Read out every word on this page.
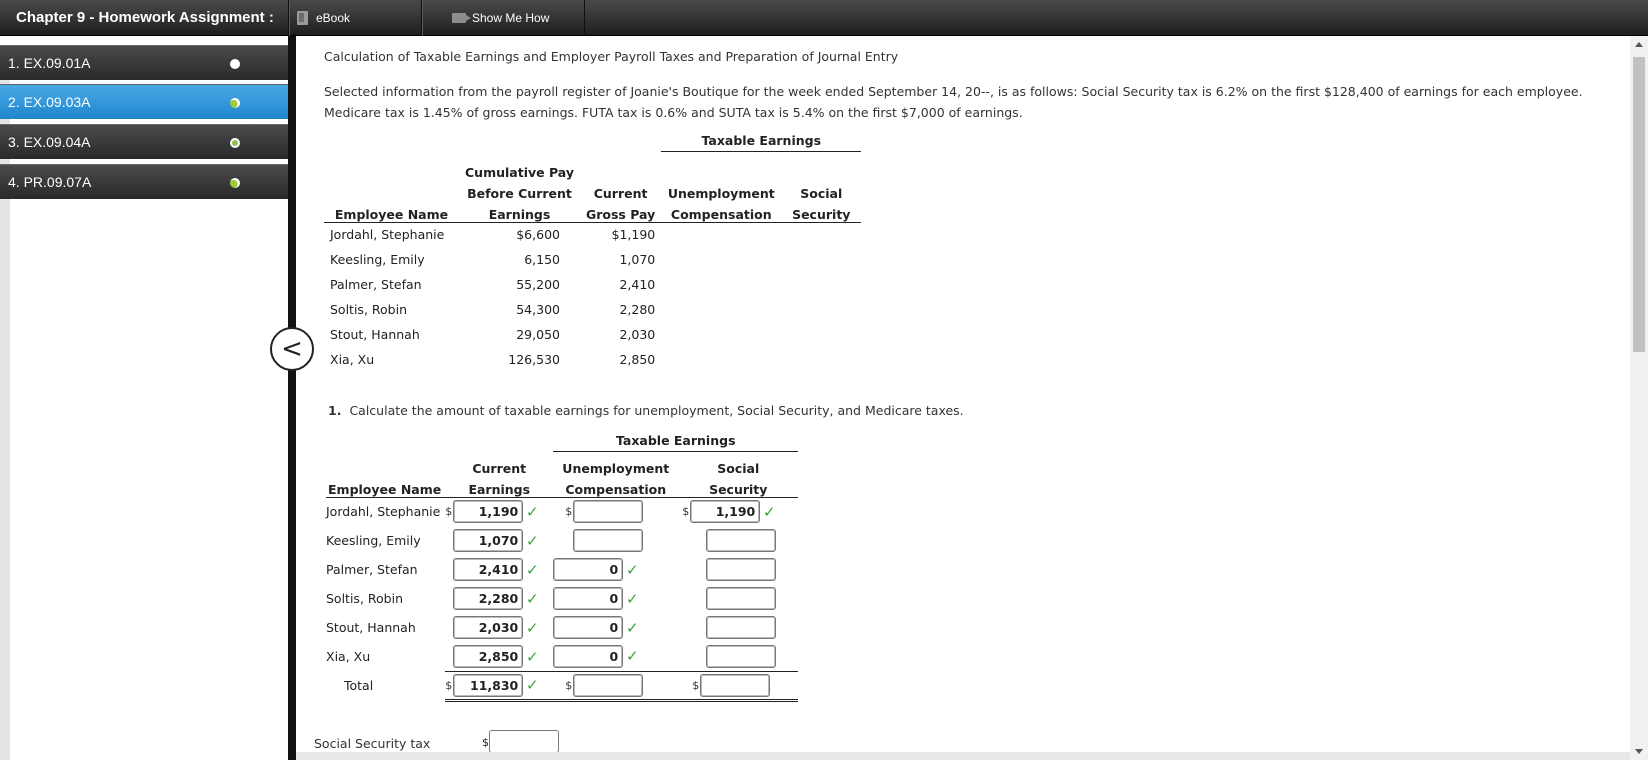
Chapter 9 - Homework Assignment :	eBook	Show Me How
1. EX.09.01A
2. EX.09.03A
3. EX.09.04A
4. PR.09.07A
<
Calculation of Taxable Earnings and Employer Payroll Taxes and Preparation of Journal Entry
Selected information from the payroll register of Joanie's Boutique for the week ended September 14, 20--, is as follows: Social Security tax is 6.2% on the first $128,400 of earnings for each employee. Medicare tax is 1.45% of gross earnings. FUTA tax is 0.6% and SUTA tax is 5.4% on the first $7,000 of earnings.
			Taxable Earnings	

	Cumulative Pay			
	Before Current	Current	Unemployment	Social
Employee Name	Earnings	Gross Pay	Compensation	Security
Jordahl, Stephanie	$6,600	$1,190		
Keesling, Emily	6,150	1,070		
Palmer, Stefan	55,200	2,410		
Soltis, Robin	54,300	2,280		
Stout, Hannah	29,050	2,030		
Xia, Xu	126,530	2,850		
1. Calculate the amount of taxable earnings for unemployment, Social Security, and Medicare taxes.
		Taxable Earnings	

	Current	Unemployment	Social
Employee Name	Earnings	Compensation	Security
Jordahl, Stephanie	$ 1,190 ✓	$	$ 1,190 ✓

Keesling, Emily	1,070 ✓		

Palmer, Stefan	2,410 ✓	0 ✓	

Soltis, Robin	2,280 ✓	0 ✓	

Stout, Hannah	2,030 ✓	0 ✓	

Xia, Xu	2,850 ✓	0 ✓	

Total	$ 11,830 ✓	$	$
Social Security tax	$
